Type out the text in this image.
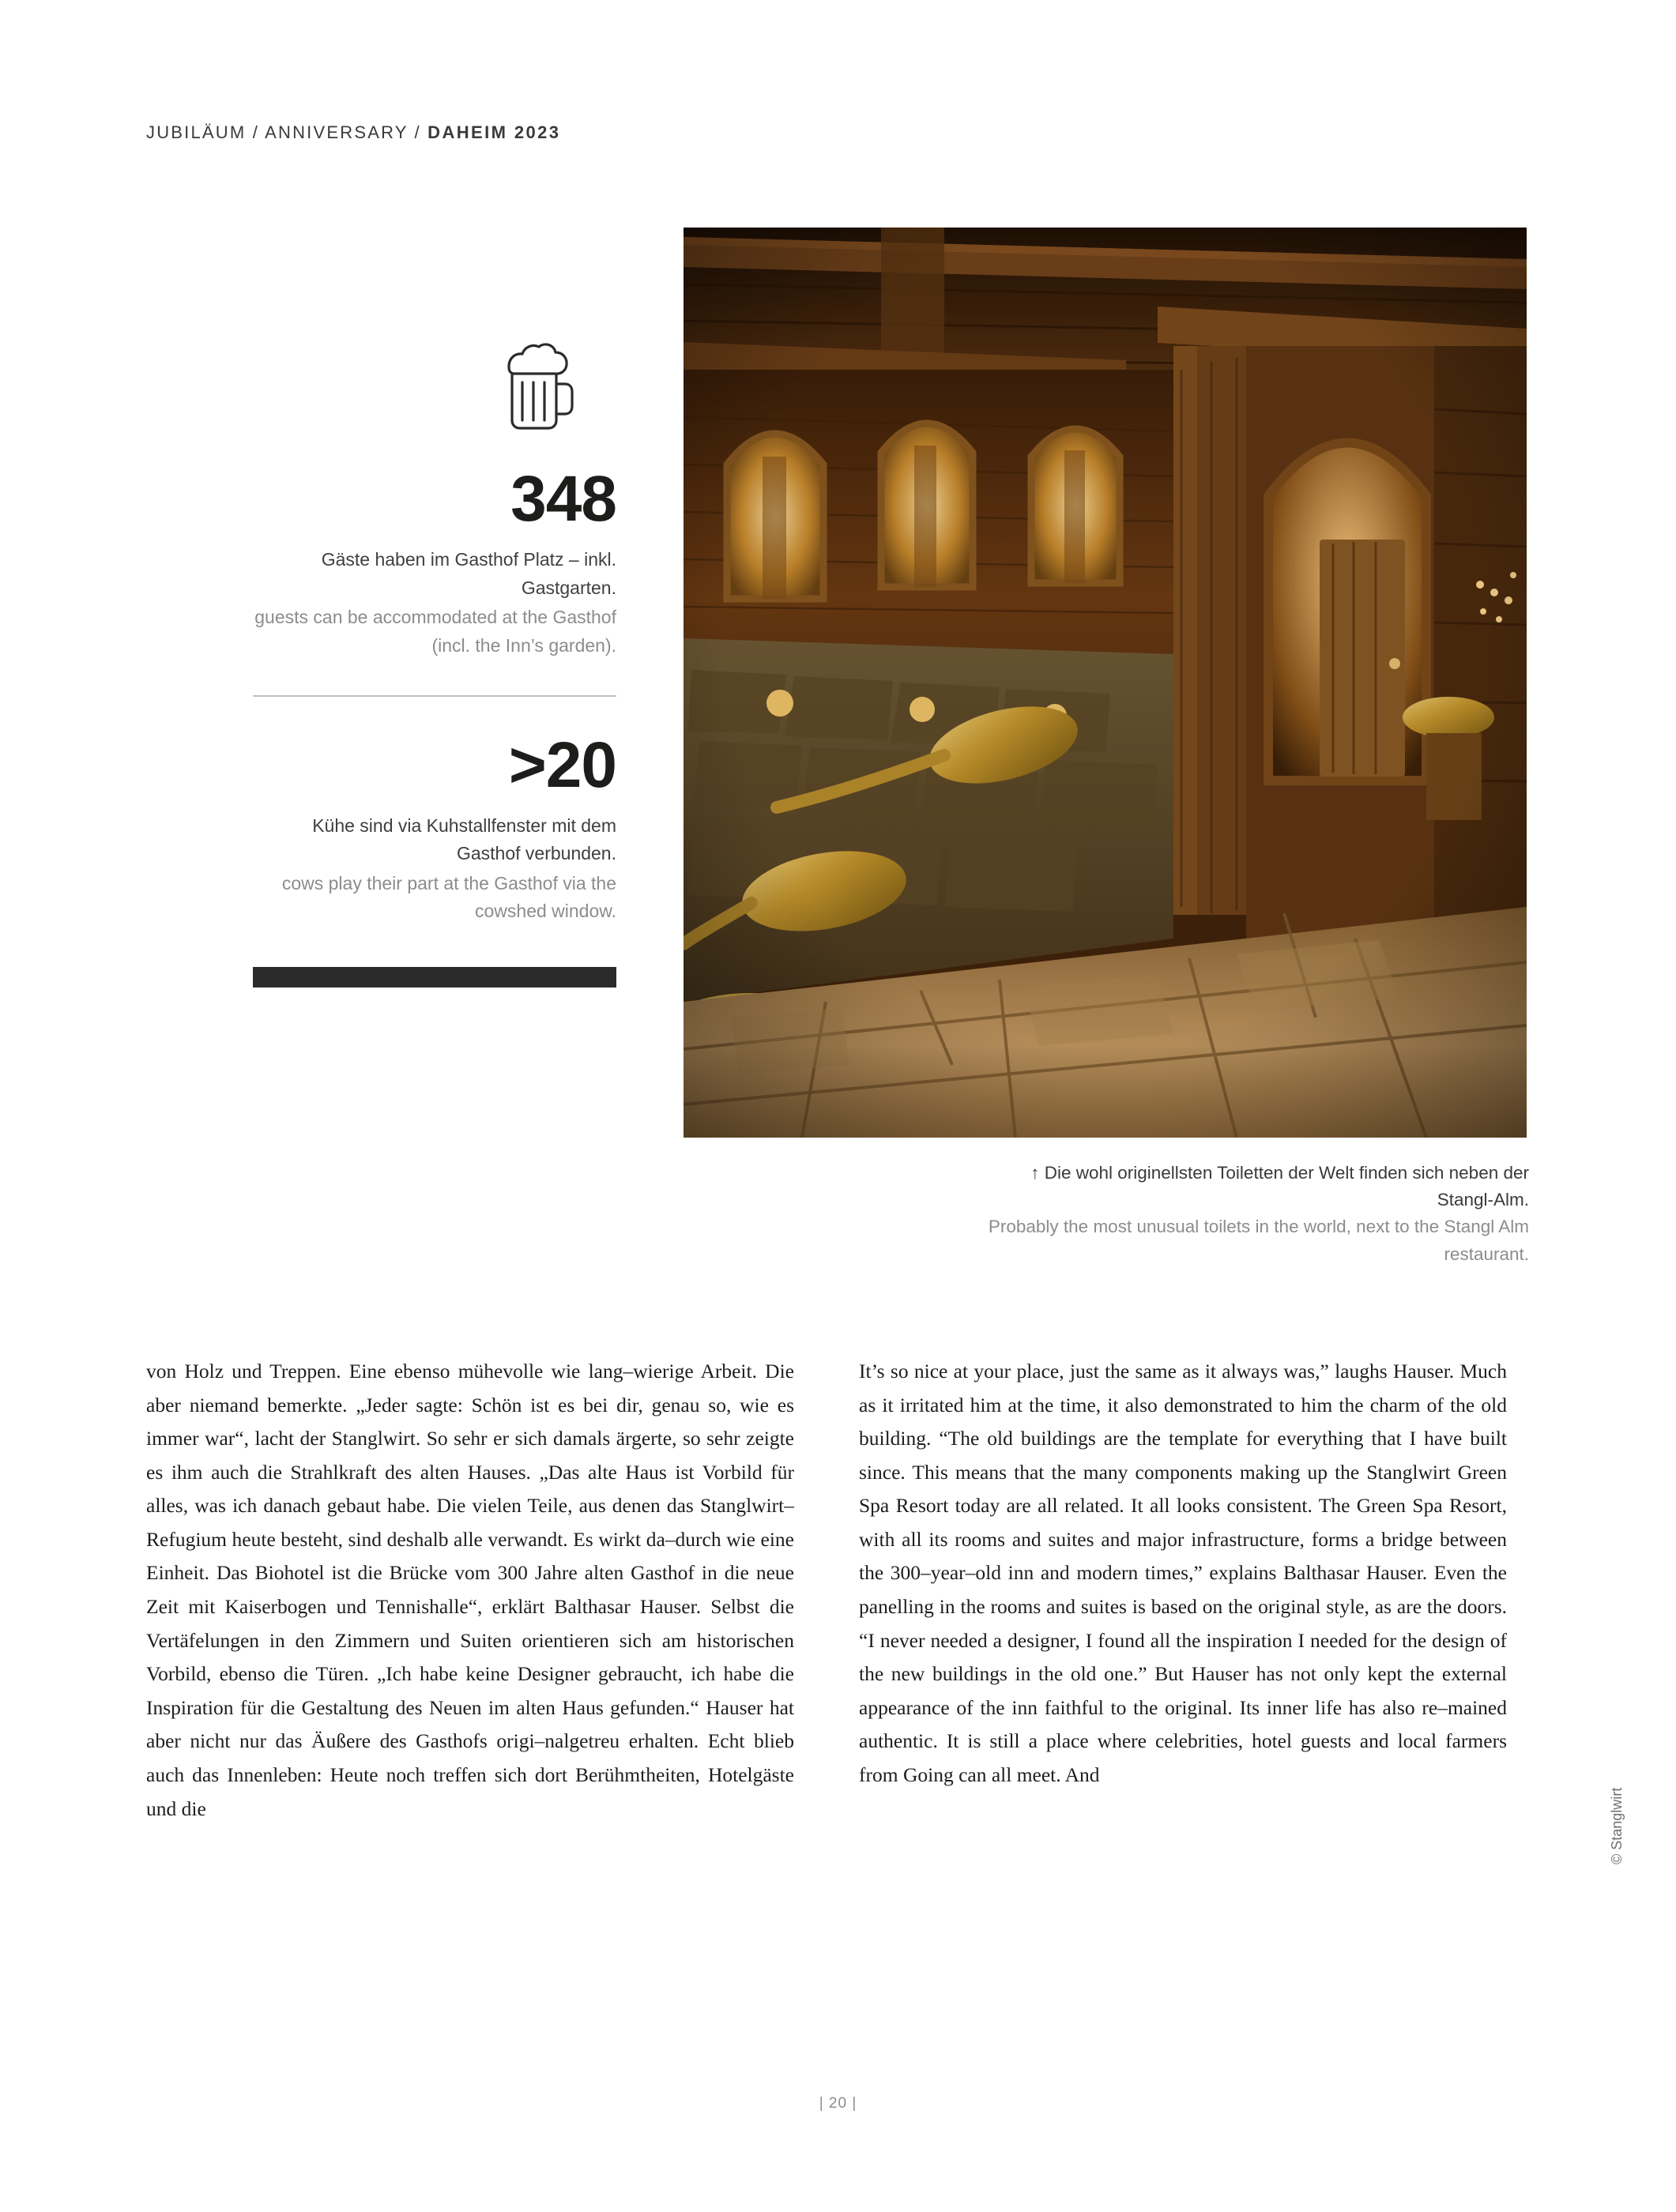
JUBILÄUM / ANNIVERSARY / DAHEIM 2023
348
Gäste haben im Gasthof Platz – inkl. Gastgarten.
guests can be accommodated at the Gasthof (incl. the Inn’s garden).
>20
Kühe sind via Kuhstallfenster mit dem Gasthof verbunden.
cows play their part at the Gasthof via the cowshed window.
↑ Die wohl originellsten Toiletten der Welt finden sich neben der Stangl-Alm.
Probably the most unusual toilets in the world, next to the Stangl Alm restaurant.

von Holz und Treppen. Eine ebenso mühevolle wie lang–wierige Arbeit. Die aber niemand bemerkte. „Jeder sagte: Schön ist es bei dir, genau so, wie es immer war“, lacht der Stanglwirt. So sehr er sich damals ärgerte, so sehr zeigte es ihm auch die Strahlkraft des alten Hauses. „Das alte Haus ist Vorbild für alles, was ich danach gebaut habe. Die vielen Teile, aus denen das Stanglwirt–Refugium heute besteht, sind deshalb alle verwandt. Es wirkt da–durch wie eine Einheit. Das Biohotel ist die Brücke vom 300 Jahre alten Gasthof in die neue Zeit mit Kaiserbogen und Tennishalle“, erklärt Balthasar Hauser. Selbst die Vertäfelungen in den Zimmern und Suiten orientieren sich am historischen Vorbild, ebenso die Türen. „Ich habe keine Designer gebraucht, ich habe die Inspiration für die Gestaltung des Neuen im alten Haus gefunden.“ Hauser hat aber nicht nur das Äußere des Gasthofs origi–nalgetreu erhalten. Echt blieb auch das Innenleben: Heute noch treffen sich dort Berühmtheiten, Hotelgäste und die

It’s so nice at your place, just the same as it always was,” laughs Hauser. Much as it irritated him at the time, it also demonstrated to him the charm of the old building. “The old buildings are the template for everything that I have built since. This means that the many components making up the Stanglwirt Green Spa Resort today are all related. It all looks consistent. The Green Spa Resort, with all its rooms and suites and major infrastructure, forms a bridge between the 300–year–old inn and modern times,” explains Balthasar Hauser. Even the panelling in the rooms and suites is based on the original style, as are the doors. “I never needed a designer, I found all the inspiration I needed for the design of the new buildings in the old one.” But Hauser has not only kept the external appearance of the inn faithful to the original. Its inner life has also re–mained authentic. It is still a place where celebrities, hotel guests and local farmers from Going can all meet. And

© Stanglwirt
| 20 |
